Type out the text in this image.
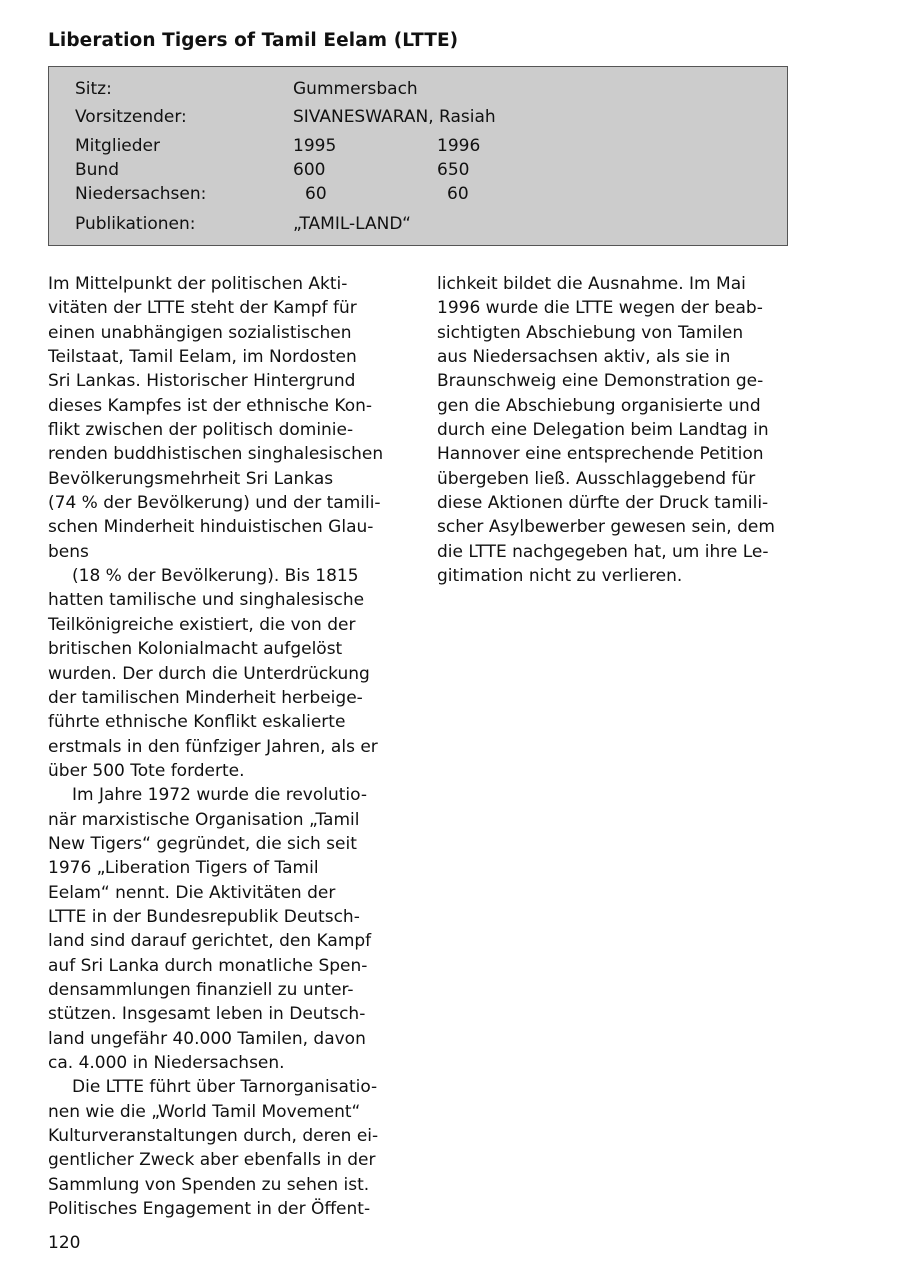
Liberation Tigers of Tamil Eelam (LTTE)
Sitz:	Gummersbach
Vorsitzender:	SIVANESWARAN, Rasiah
Mitglieder	1995	1996
Bund	600	650
Niedersachsen:	60	60
Publikationen:	„TAMIL-LAND“
Im Mittelpunkt der politischen Akti-
vitäten der LTTE steht der Kampf für
einen unabhängigen sozialistischen
Teilstaat, Tamil Eelam, im Nordosten
Sri Lankas. Historischer Hintergrund
dieses Kampfes ist der ethnische Kon-
flikt zwischen der politisch dominie-
renden buddhistischen singhalesischen
Bevölkerungsmehrheit Sri Lankas
(74 % der Bevölkerung) und der tamili-
schen Minderheit hinduistischen Glau-
bens
(18 % der Bevölkerung). Bis 1815
hatten tamilische und singhalesische
Teilkönigreiche existiert, die von der
britischen Kolonialmacht aufgelöst
wurden. Der durch die Unterdrückung
der tamilischen Minderheit herbeige-
führte ethnische Konflikt eskalierte
erstmals in den fünfziger Jahren, als er
über 500 Tote forderte.
Im Jahre 1972 wurde die revolutio-
när marxistische Organisation „Tamil
New Tigers“ gegründet, die sich seit
1976 „Liberation Tigers of Tamil
Eelam“ nennt. Die Aktivitäten der
LTTE in der Bundesrepublik Deutsch-
land sind darauf gerichtet, den Kampf
auf Sri Lanka durch monatliche Spen-
densammlungen finanziell zu unter-
stützen. Insgesamt leben in Deutsch-
land ungefähr 40.000 Tamilen, davon
ca. 4.000 in Niedersachsen.
Die LTTE führt über Tarnorganisatio-
nen wie die „World Tamil Movement“
Kulturveranstaltungen durch, deren ei-
gentlicher Zweck aber ebenfalls in der
Sammlung von Spenden zu sehen ist.
Politisches Engagement in der Öffent-
lichkeit bildet die Ausnahme. Im Mai
1996 wurde die LTTE wegen der beab-
sichtigten Abschiebung von Tamilen
aus Niedersachsen aktiv, als sie in
Braunschweig eine Demonstration ge-
gen die Abschiebung organisierte und
durch eine Delegation beim Landtag in
Hannover eine entsprechende Petition
übergeben ließ. Ausschlaggebend für
diese Aktionen dürfte der Druck tamili-
scher Asylbewerber gewesen sein, dem
die LTTE nachgegeben hat, um ihre Le-
gitimation nicht zu verlieren.
120
